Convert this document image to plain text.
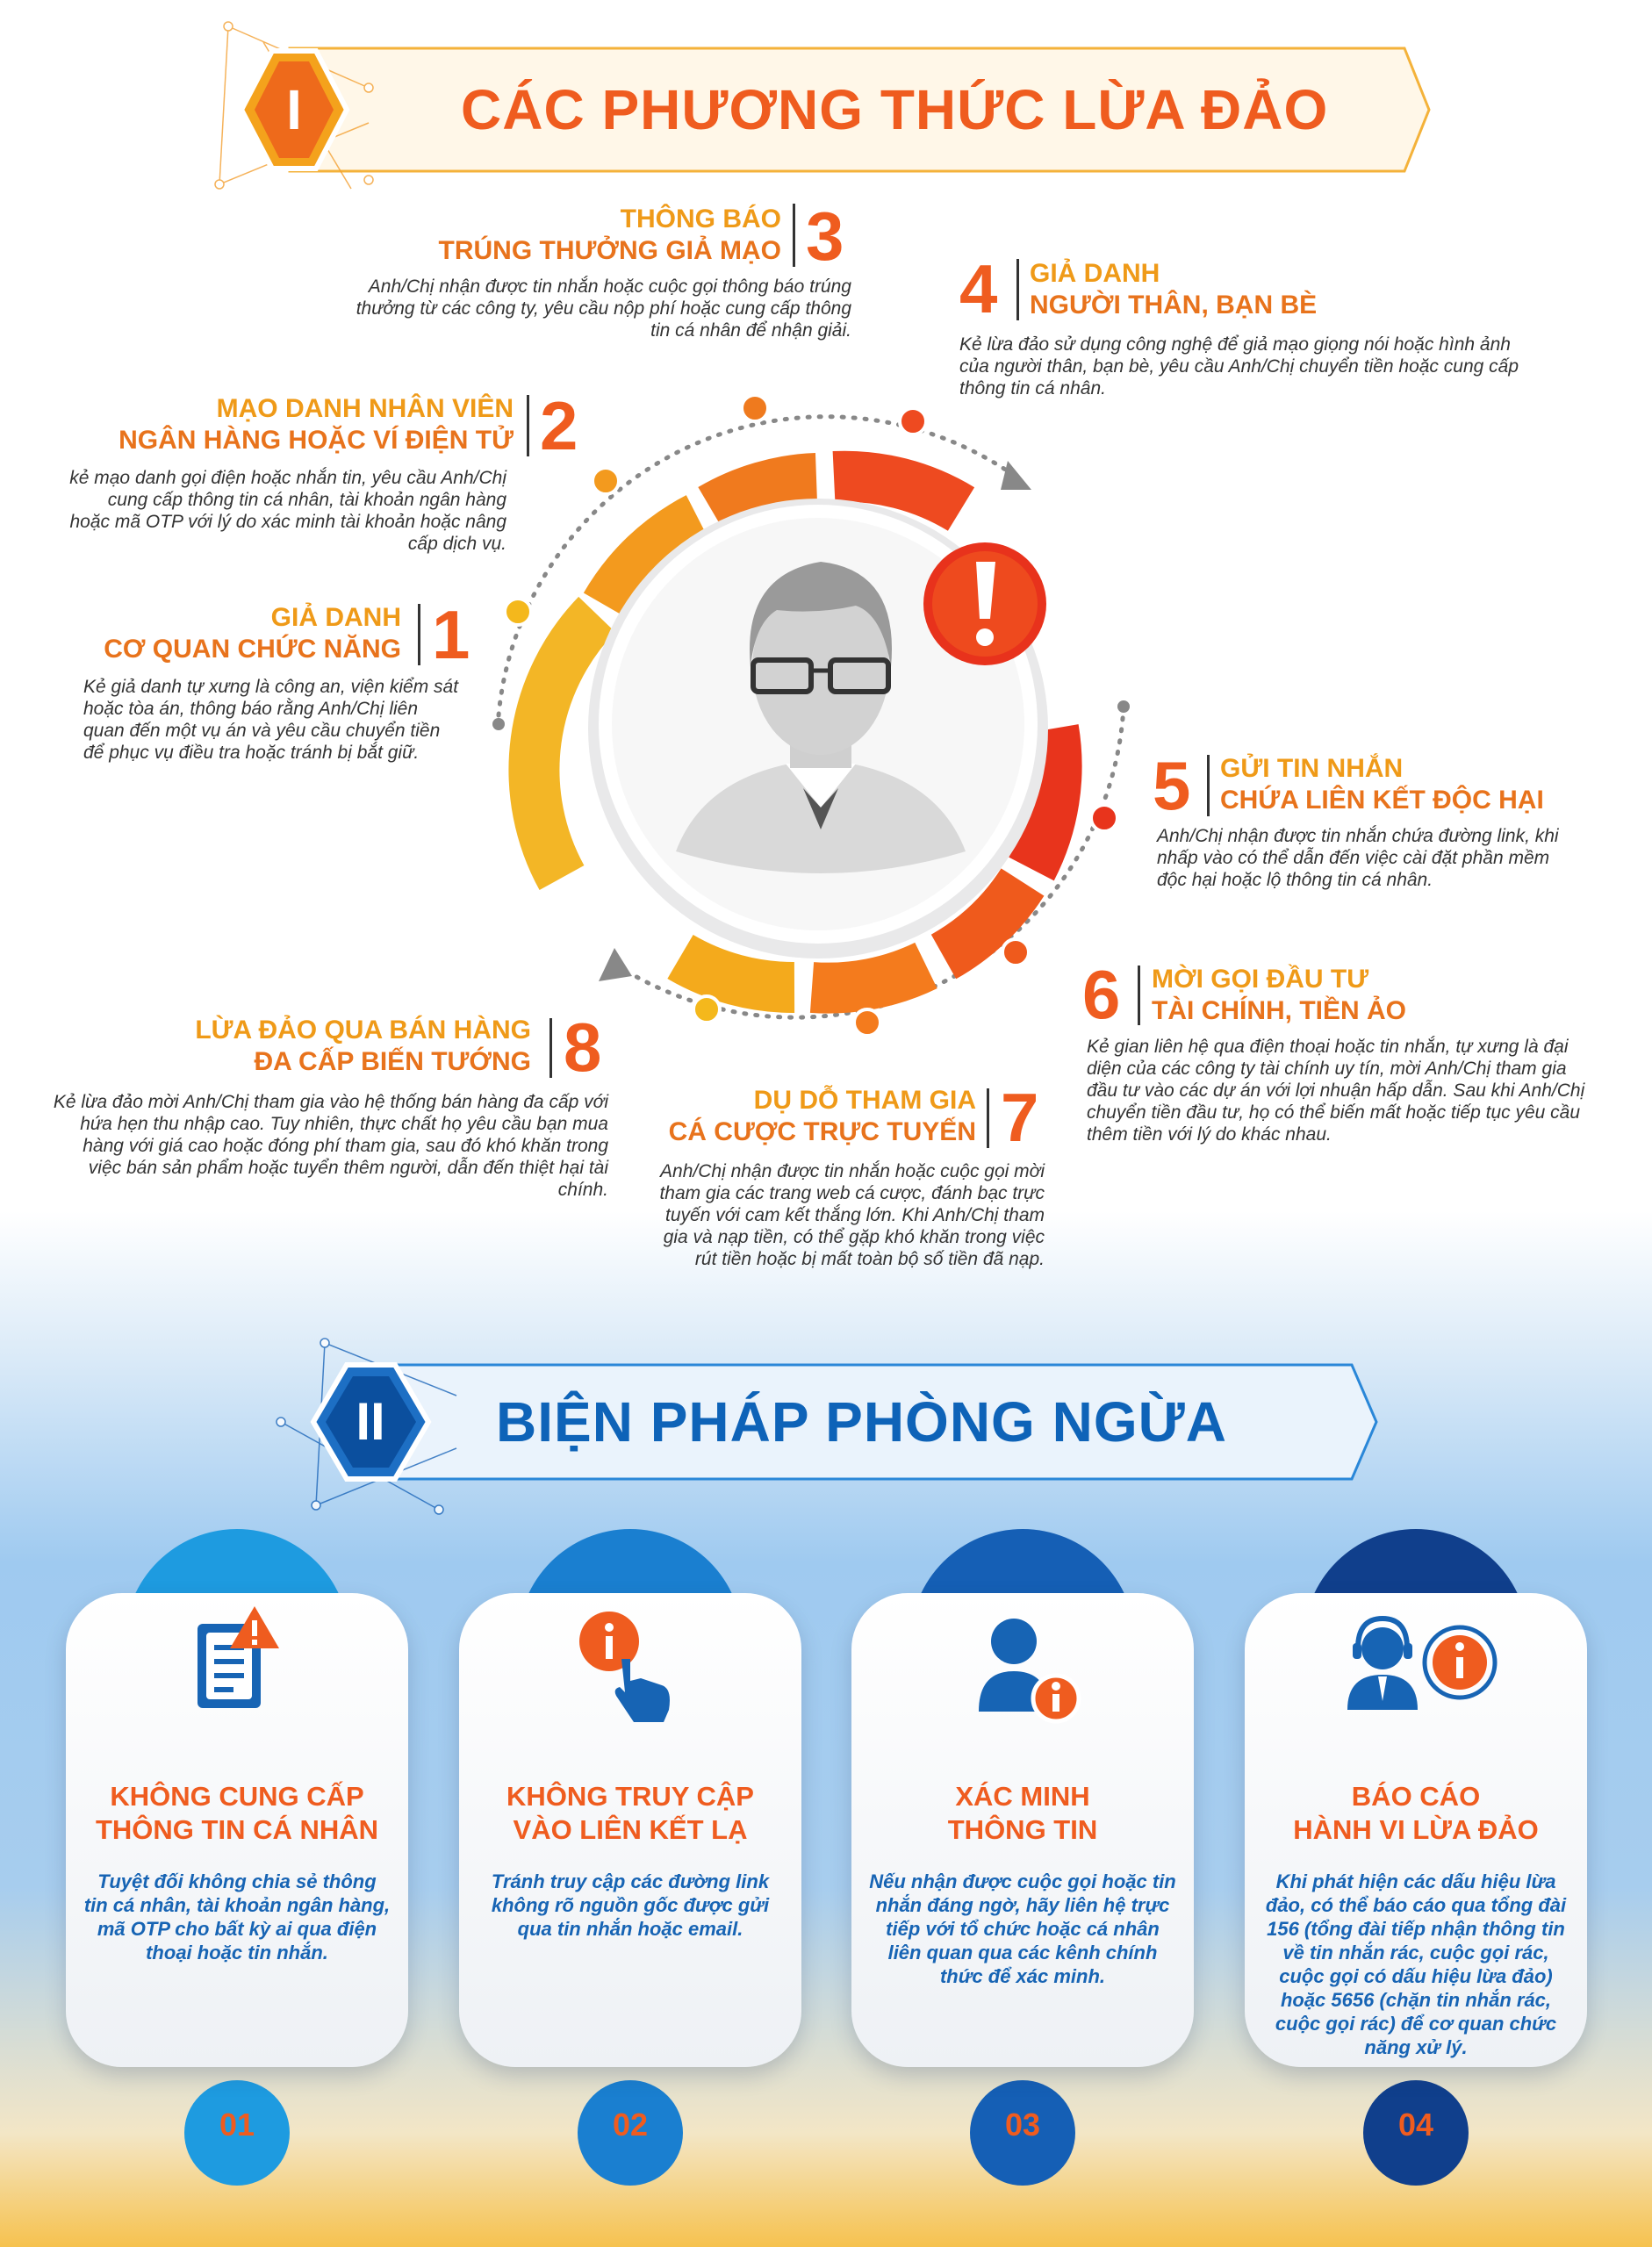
I	CÁC PHƯƠNG THỨC LỪA ĐẢO
THÔNG BÁO
TRÚNG THƯỞNG GIẢ MẠO 3
Anh/Chị nhận được tin nhắn hoặc cuộc gọi thông báo trúng thưởng từ các công ty, yêu cầu nộp phí hoặc cung cấp thông tin cá nhân để nhận giải.
4 GIẢ DANH
NGƯỜI THÂN, BẠN BÈ
Kẻ lừa đảo sử dụng công nghệ để giả mạo giọng nói hoặc hình ảnh của người thân, bạn bè, yêu cầu Anh/Chị chuyển tiền hoặc cung cấp thông tin cá nhân.
MẠO DANH NHÂN VIÊN
NGÂN HÀNG HOẶC VÍ ĐIỆN TỬ 2
kẻ mạo danh gọi điện hoặc nhắn tin, yêu cầu Anh/Chị cung cấp thông tin cá nhân, tài khoản ngân hàng hoặc mã OTP với lý do xác minh tài khoản hoặc nâng cấp dịch vụ.
GIẢ DANH
CƠ QUAN CHỨC NĂNG 1
Kẻ giả danh tự xưng là công an, viện kiểm sát hoặc tòa án, thông báo rằng Anh/Chị liên quan đến một vụ án và yêu cầu chuyển tiền để phục vụ điều tra hoặc tránh bị bắt giữ.	5 GỬI TIN NHẮN
CHỨA LIÊN KẾT ĐỘC HẠI
Anh/Chị nhận được tin nhắn chứa đường link, khi nhấp vào có thể dẫn đến việc cài đặt phần mềm độc hại hoặc lộ thông tin cá nhân.
6 MỜI GỌI ĐẦU TƯ
TÀI CHÍNH, TIỀN ẢO
Kẻ gian liên hệ qua điện thoại hoặc tin nhắn, tự xưng là đại diện của các công ty tài chính uy tín, mời Anh/Chị tham gia đầu tư vào các dự án với lợi nhuận hấp dẫn. Sau khi Anh/Chị chuyển tiền đầu tư, họ có thể biến mất hoặc tiếp tục yêu cầu thêm tiền với lý do khác nhau.
LỪA ĐẢO QUA BÁN HÀNG
ĐA CẤP BIẾN TƯỚNG 8
Kẻ lừa đảo mời Anh/Chị tham gia vào hệ thống bán hàng đa cấp với hứa hẹn thu nhập cao. Tuy nhiên, thực chất họ yêu cầu bạn mua hàng với giá cao hoặc đóng phí tham gia, sau đó khó khăn trong việc bán sản phẩm hoặc tuyển thêm người, dẫn đến thiệt hại tài chính.
DỤ DỖ THAM GIA
CÁ CƯỢC TRỰC TUYẾN 7
Anh/Chị nhận được tin nhắn hoặc cuộc gọi mời tham gia các trang web cá cược, đánh bạc trực tuyến với cam kết thắng lớn. Khi Anh/Chị tham gia và nạp tiền, có thể gặp khó khăn trong việc rút tiền hoặc bị mất toàn bộ số tiền đã nạp.
II	BIỆN PHÁP PHÒNG NGỪA
KHÔNG CUNG CẤP
THÔNG TIN CÁ NHÂN
Tuyệt đối không chia sẻ thông tin cá nhân, tài khoản ngân hàng, mã OTP cho bất kỳ ai qua điện thoại hoặc tin nhắn.
01
KHÔNG TRUY CẬP
VÀO LIÊN KẾT LẠ
Tránh truy cập các đường link không rõ nguồn gốc được gửi qua tin nhắn hoặc email.
02
XÁC MINH
THÔNG TIN
Nếu nhận được cuộc gọi hoặc tin nhắn đáng ngờ, hãy liên hệ trực tiếp với tổ chức hoặc cá nhân liên quan qua các kênh chính thức để xác minh.
03
BÁO CÁO
HÀNH VI LỪA ĐẢO
Khi phát hiện các dấu hiệu lừa đảo, có thể báo cáo qua tổng đài 156 (tổng đài tiếp nhận thông tin về tin nhắn rác, cuộc gọi rác, cuộc gọi có dấu hiệu lừa đảo) hoặc 5656 (chặn tin nhắn rác, cuộc gọi rác) để cơ quan chức năng xử lý.
04
